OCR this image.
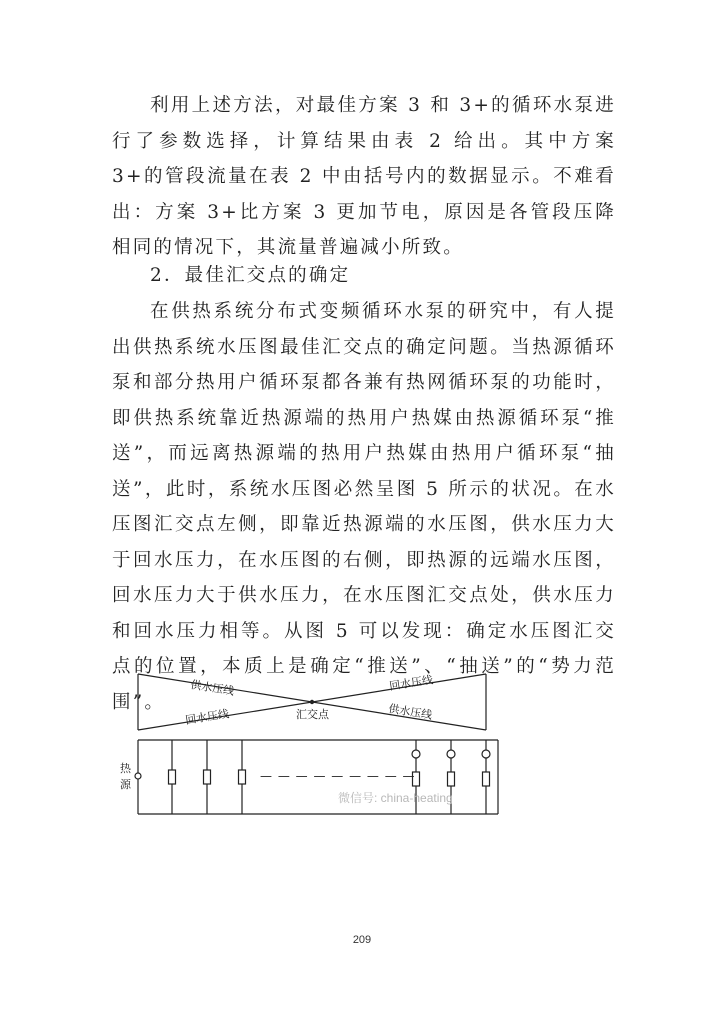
利用上述方法，对最佳方案 3 和 3+的循环水泵进行了参数选择，计算结果由表 2 给出。其中方案 3+的管段流量在表 2 中由括号内的数据显示。不难看出：方案 3+比方案 3 更加节电，原因是各管段压降相同的情况下，其流量普遍减小所致。

2．最佳汇交点的确定

在供热系统分布式变频循环水泵的研究中，有人提出供热系统水压图最佳汇交点的确定问题。当热源循环泵和部分热用户循环泵都各兼有热网循环泵的功能时，即供热系统靠近热源端的热用户热媒由热源循环泵“推送”，而远离热源端的热用户热媒由热用户循环泵“抽送”，此时，系统水压图必然呈图 5 所示的状况。在水压图汇交点左侧，即靠近热源端的水压图，供水压力大于回水压力，在水压图的右侧，即热源的远端水压图，回水压力大于供水压力，在水压图汇交点处，供水压力和回水压力相等。从图 5 可以发现：确定水压图汇交点的位置，本质上是确定“推送”、“抽送”的“势力范围”。

供水压线
回水压线	汇交点
回水压线
供水压线
热
源
— — — — — — — — —
微信号: china-heating
209
